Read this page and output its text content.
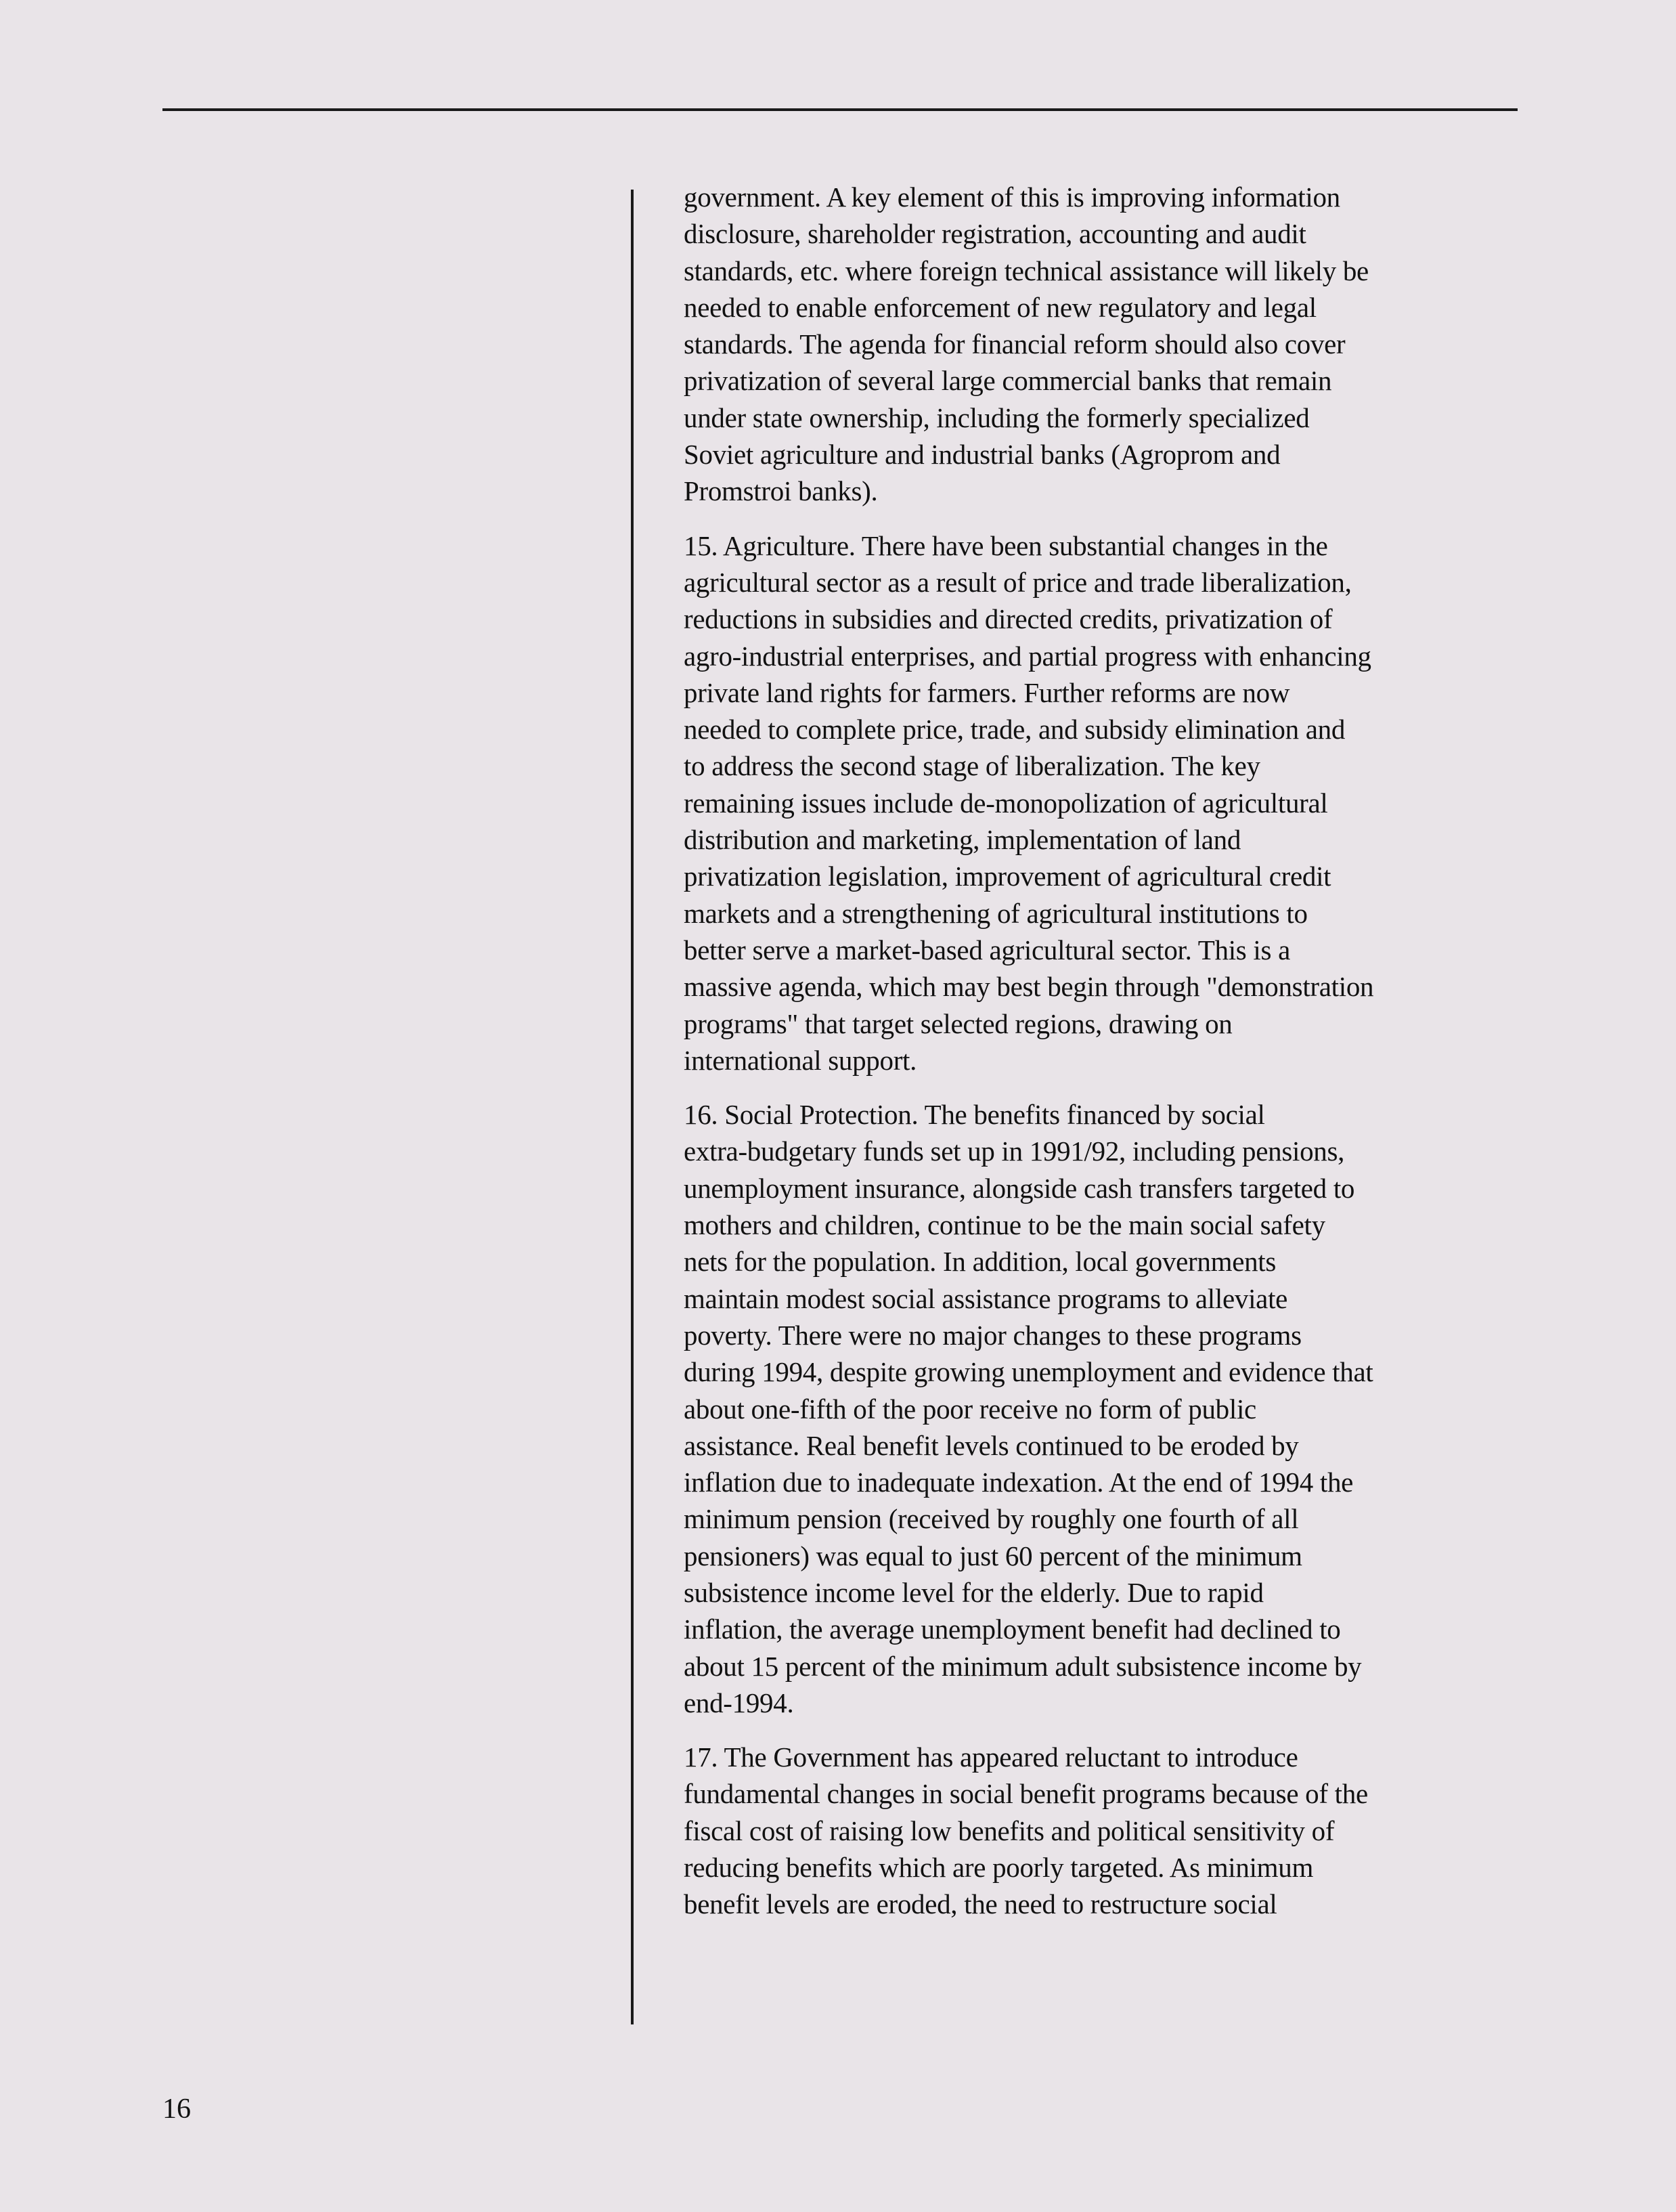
government. A key element of this is improving information
disclosure, shareholder registration, accounting and audit
standards, etc. where foreign technical assistance will likely be
needed to enable enforcement of new regulatory and legal
standards. The agenda for financial reform should also cover
privatization of several large commercial banks that remain
under state ownership, including the formerly specialized
Soviet agriculture and industrial banks (Agroprom and
Promstroi banks).
15. Agriculture. There have been substantial changes in the
agricultural sector as a result of price and trade liberalization,
reductions in subsidies and directed credits, privatization of
agro-industrial enterprises, and partial progress with enhancing
private land rights for farmers. Further reforms are now
needed to complete price, trade, and subsidy elimination and
to address the second stage of liberalization. The key
remaining issues include de-monopolization of agricultural
distribution and marketing, implementation of land
privatization legislation, improvement of agricultural credit
markets and a strengthening of agricultural institutions to
better serve a market-based agricultural sector. This is a
massive agenda, which may best begin through "demonstration
programs" that target selected regions, drawing on
international support.
16. Social Protection. The benefits financed by social
extra-budgetary funds set up in 1991/92, including pensions,
unemployment insurance, alongside cash transfers targeted to
mothers and children, continue to be the main social safety
nets for the population. In addition, local governments
maintain modest social assistance programs to alleviate
poverty. There were no major changes to these programs
during 1994, despite growing unemployment and evidence that
about one-fifth of the poor receive no form of public
assistance. Real benefit levels continued to be eroded by
inflation due to inadequate indexation. At the end of 1994 the
minimum pension (received by roughly one fourth of all
pensioners) was equal to just 60 percent of the minimum
subsistence income level for the elderly. Due to rapid
inflation, the average unemployment benefit had declined to
about 15 percent of the minimum adult subsistence income by
end-1994.
17. The Government has appeared reluctant to introduce
fundamental changes in social benefit programs because of the
fiscal cost of raising low benefits and political sensitivity of
reducing benefits which are poorly targeted. As minimum
benefit levels are eroded, the need to restructure social
16
